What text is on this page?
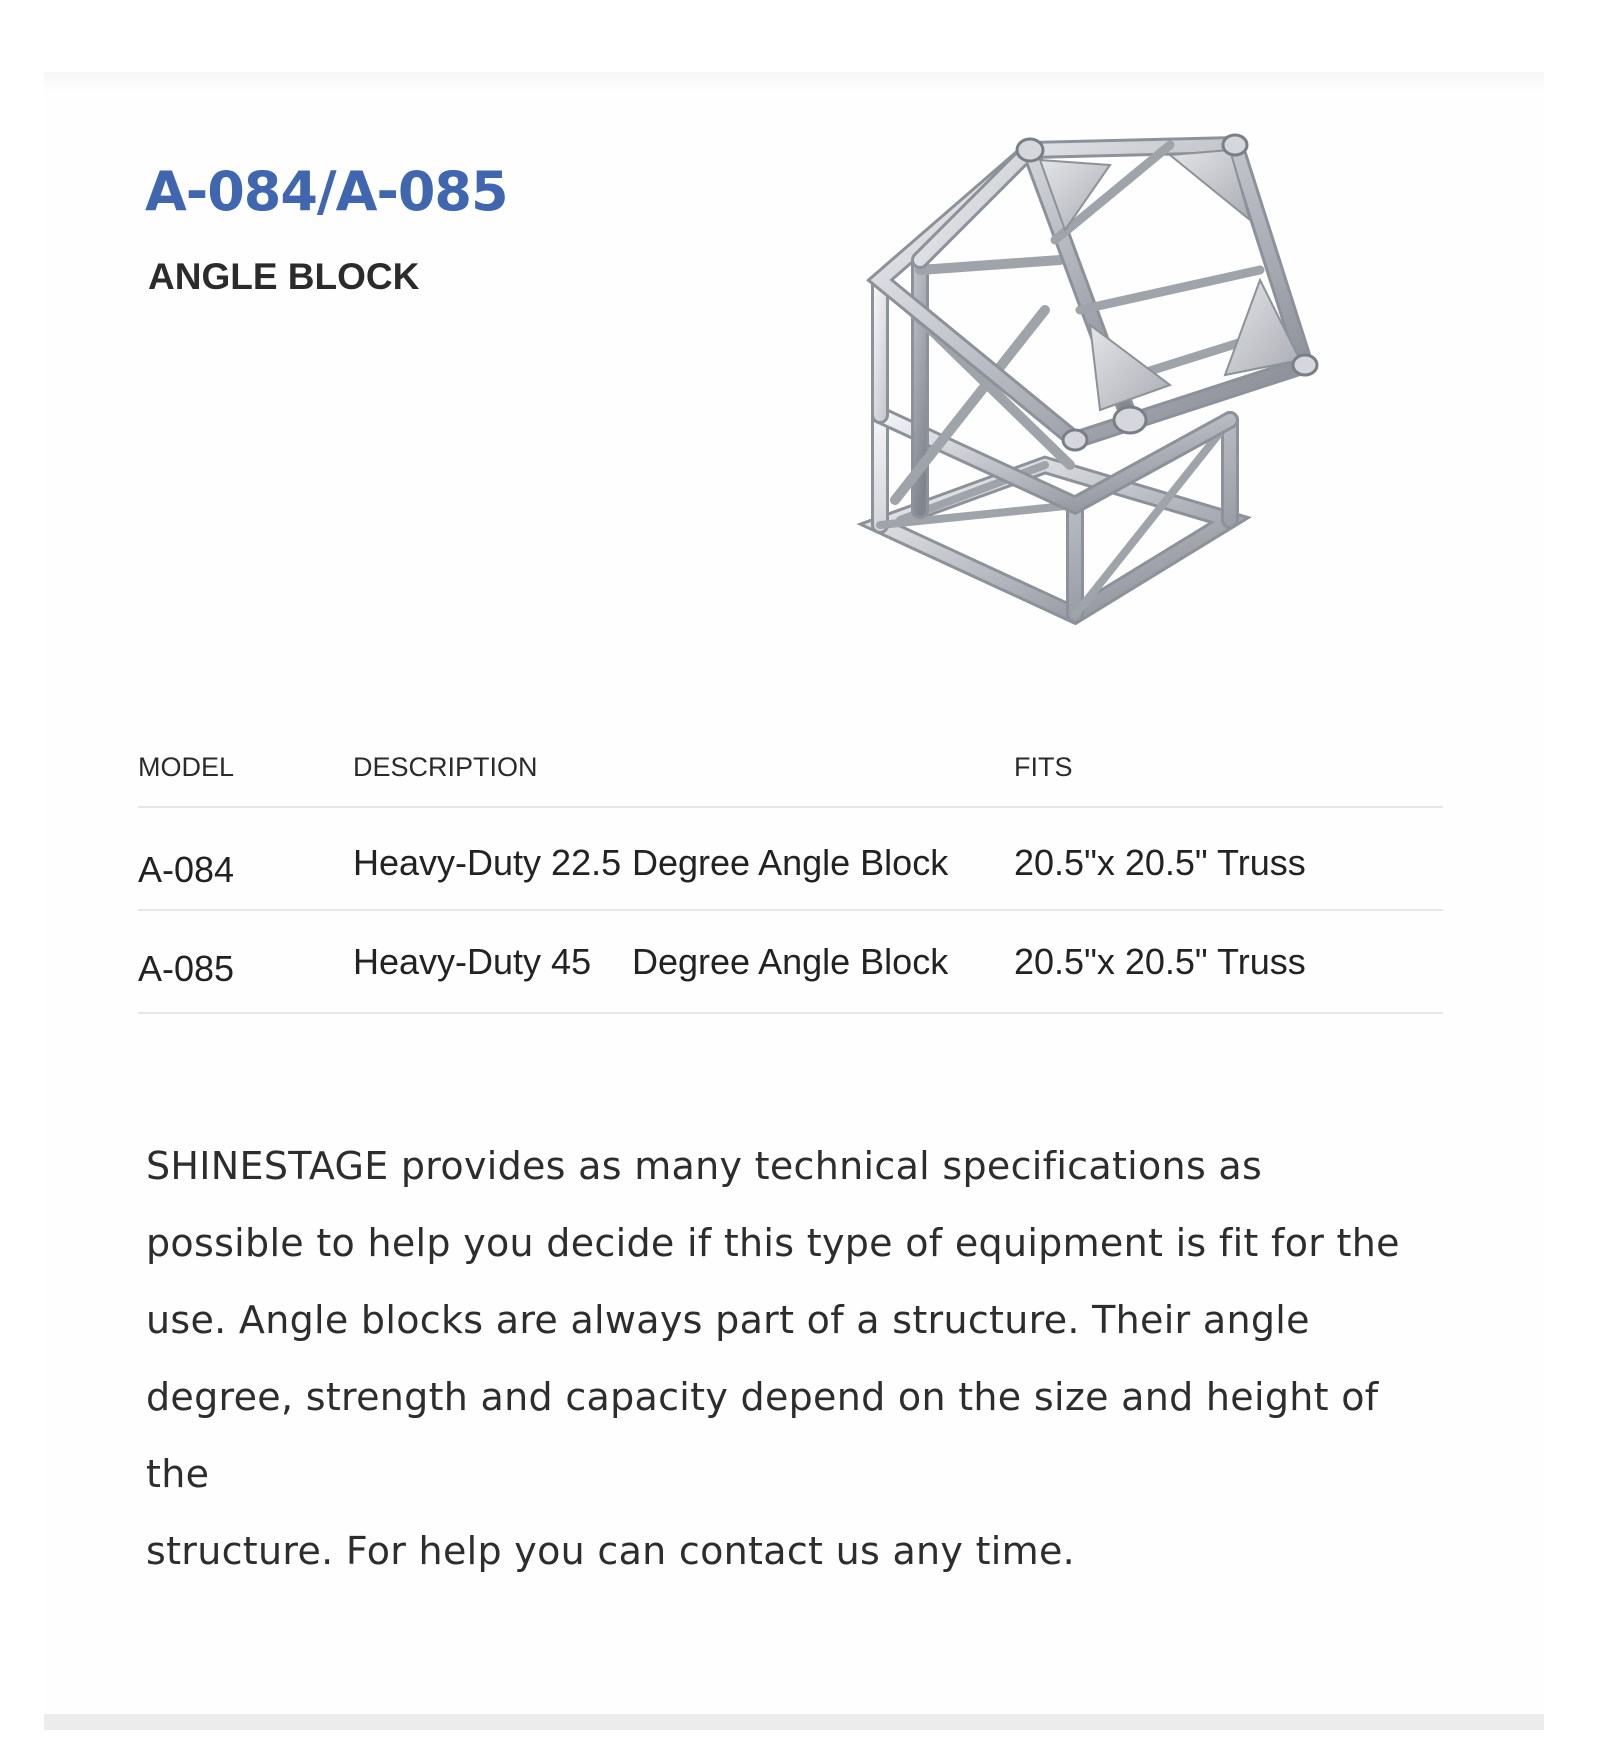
A-084/A-085
ANGLE BLOCK
MODEL	DESCRIPTION	FITS
A-084	Heavy-Duty 22.5 Degree Angle Block 20.5"x 20.5" Truss
A-085	Heavy-Duty 45 Degree Angle Block 20.5"x 20.5" Truss

SHINESTAGE provides as many technical specifications as
possible to help you decide if this type of equipment is fit for the
use. Angle blocks are always part of a structure. Their angle
degree, strength and capacity depend on the size and height of the
structure. For help you can contact us any time.
